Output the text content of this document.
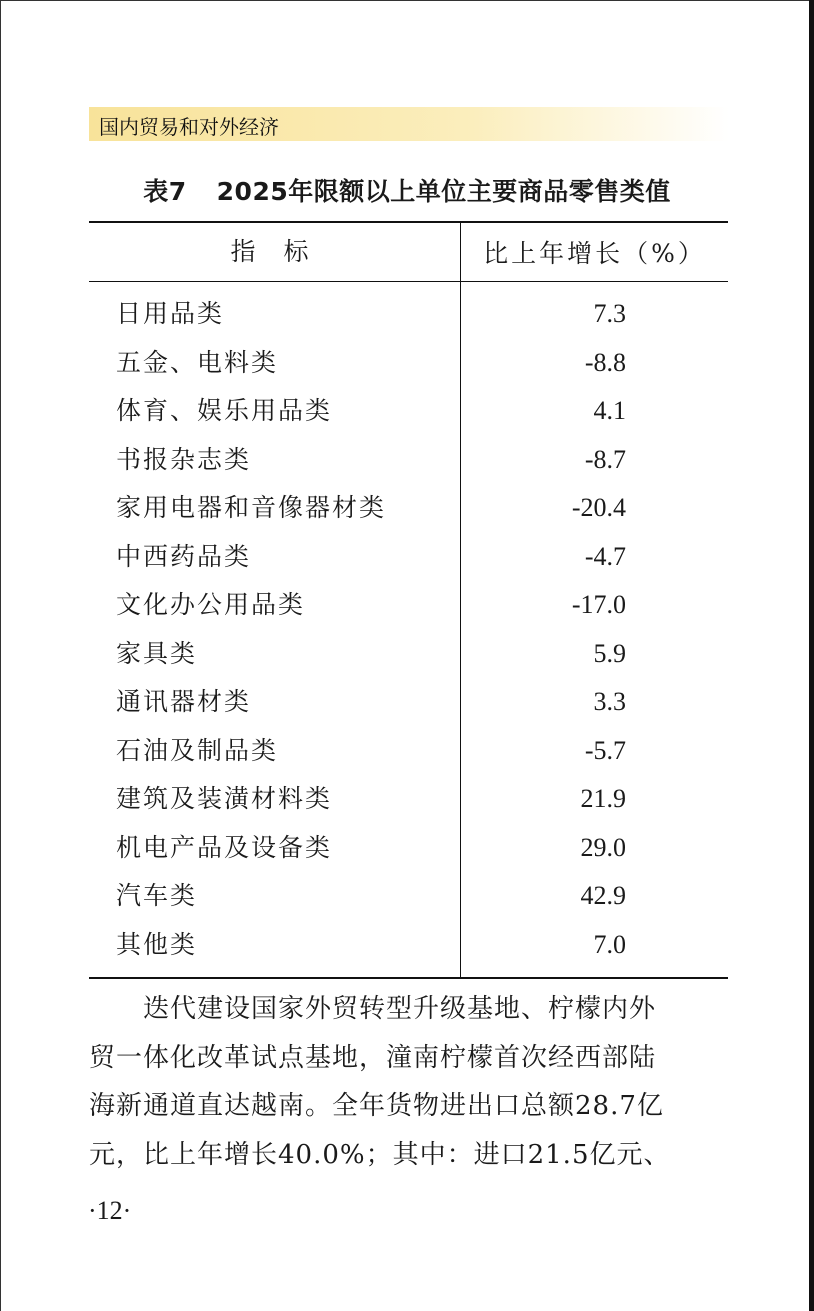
国内贸易和对外经济
表7 2025年限额以上单位主要商品零售类值
指 标	比上年增长（%）
日用品类
五金、电料类
体育、娱乐用品类
书报杂志类
家用电器和音像器材类
中西药品类
文化办公用品类
家具类
通讯器材类
石油及制品类
建筑及装潢材料类
机电产品及设备类
汽车类
其他类
7.3
-8.8
4.1
-8.7
-20.4
-4.7
-17.0
5.9
3.3
-5.7
21.9
29.0
42.9
7.0
迭代建设国家外贸转型升级基地、柠檬内外
贸一体化改革试点基地，潼南柠檬首次经西部陆
海新通道直达越南。全年货物进出口总额28.7亿
元，比上年增长40.0%；其中：进口21.5亿元、
·12·
